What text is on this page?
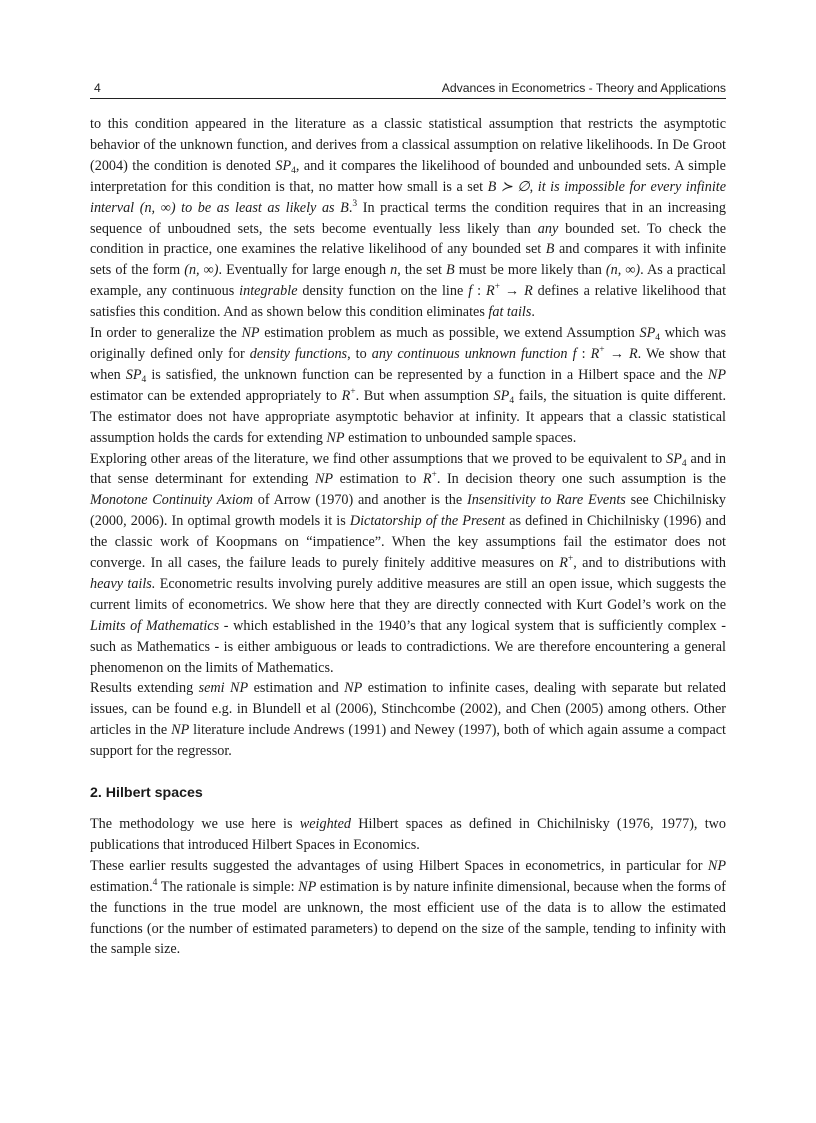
4	Advances in Econometrics - Theory and Applications

to this condition appeared in the literature as a classic statistical assumption that restricts the asymptotic behavior of the unknown function, and derives from a classical assumption on relative likelihoods. In De Groot (2004) the condition is denoted $SP_4$, and it compares the likelihood of bounded and unbounded sets. A simple interpretation for this condition is that, no matter how small is a set B ≻ ∅, it is impossible for every infinite interval (n, ∞) to be as least as likely as B.$^3$ In practical terms the condition requires that in an increasing sequence of unboudned sets, the sets become eventually less likely than any bounded set. To check the condition in practice, one examines the relative likelihood of any bounded set B and compares it with infinite sets of the form (n, ∞). Eventually for large enough n, the set B must be more likely than (n, ∞). As a practical example, any continuous integrable density function on the line f : R+ → R defines a relative likelihood that satisfies this condition. And as shown below this condition eliminates fat tails.

In order to generalize the NP estimation problem as much as possible, we extend Assumption $SP_4$ which was originally defined only for density functions, to any continuous unknown function f : R+ → R. We show that when $SP_4$ is satisfied, the unknown function can be represented by a function in a Hilbert space and the NP estimator can be extended appropriately to R+. But when assumption $SP_4$ fails, the situation is quite different. The estimator does not have appropriate asymptotic behavior at infinity. It appears that a classic statistical assumption holds the cards for extending NP estimation to unbounded sample spaces.

Exploring other areas of the literature, we find other assumptions that we proved to be equivalent to $SP_4$ and in that sense determinant for extending NP estimation to R+. In decision theory one such assumption is the Monotone Continuity Axiom of Arrow (1970) and another is the Insensitivity to Rare Events see Chichilnisky (2000, 2006). In optimal growth models it is Dictatorship of the Present as defined in Chichilnisky (1996) and the classic work of Koopmans on “impatience”. When the key assumptions fail the estimator does not converge. In all cases, the failure leads to purely finitely additive measures on R+, and to distributions with heavy tails. Econometric results involving purely additive measures are still an open issue, which suggests the current limits of econometrics. We show here that they are directly connected with Kurt Godel’s work on the Limits of Mathematics - which established in the 1940’s that any logical system that is sufficiently complex - such as Mathematics - is either ambiguous or leads to contradictions. We are therefore encountering a general phenomenon on the limits of Mathematics.

Results extending semi NP estimation and NP estimation to infinite cases, dealing with separate but related issues, can be found e.g. in Blundell et al (2006), Stinchcombe (2002), and Chen (2005) among others. Other articles in the NP literature include Andrews (1991) and Newey (1997), both of which again assume a compact support for the regressor.

2. Hilbert spaces

The methodology we use here is weighted Hilbert spaces as defined in Chichilnisky (1976, 1977), two publications that introduced Hilbert Spaces in Economics.

These earlier results suggested the advantages of using Hilbert Spaces in econometrics, in particular for NP estimation.$^4$ The rationale is simple: NP estimation is by nature infinite dimensional, because when the forms of the functions in the true model are unknown, the most efficient use of the data is to allow the estimated functions (or the number of estimated parameters) to depend on the size of the sample, tending to infinity with the sample size.
